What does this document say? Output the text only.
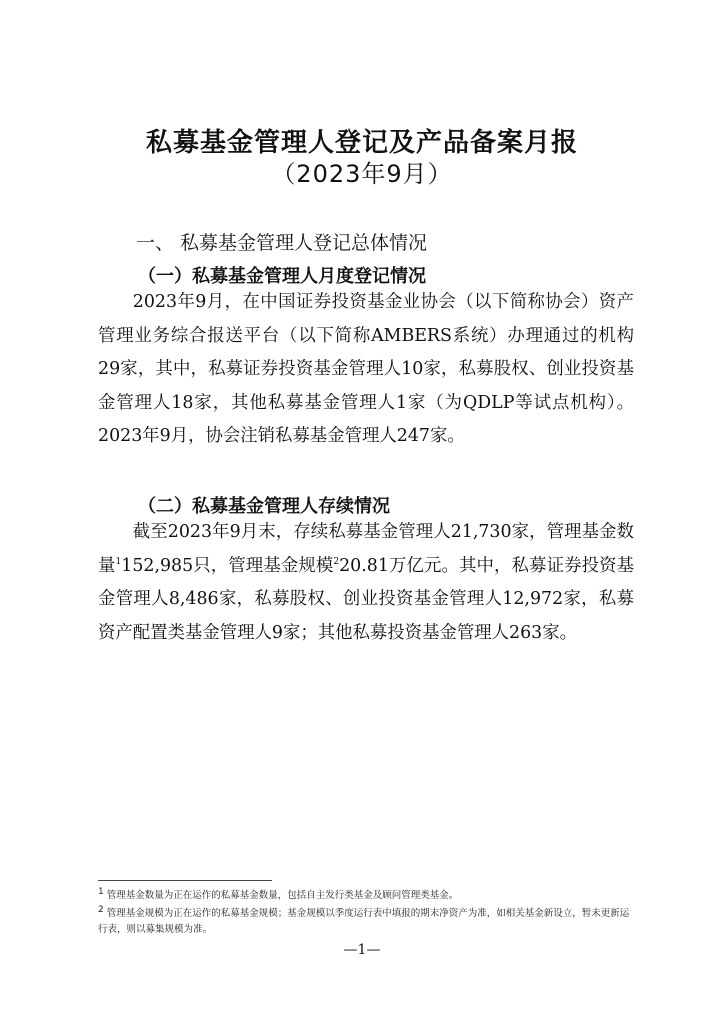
私募基金管理人登记及产品备案月报
（2023年9月）
一、 私募基金管理人登记总体情况
（一）私募基金管理人月度登记情况

2023年9月，在中国证券投资基金业协会（以下简称协会）资产管理业务综合报送平台（以下简称AMBERS系统）办理通过的机构29家，其中，私募证券投资基金管理人10家，私募股权、创业投资基金管理人18家，其他私募基金管理人1家（为QDLP等试点机构）。2023年9月，协会注销私募基金管理人247家。

（二）私募基金管理人存续情况

截至2023年9月末，存续私募基金管理人21,730家，管理基金数量$^1$152,985只，管理基金规模$^2$20.81万亿元。其中，私募证券投资基金管理人8,486家，私募股权、创业投资基金管理人12,972家，私募资产配置类基金管理人9家；其他私募投资基金管理人263家。

$^1$ 管理基金数量为正在运作的私募基金数量，包括自主发行类基金及顾问管理类基金。
$^2$ 管理基金规模为正在运作的私募基金规模；基金规模以季度运行表中填报的期末净资产为准，如相关基金新设立，暂未更新运行表，则以募集规模为准。
—1—
